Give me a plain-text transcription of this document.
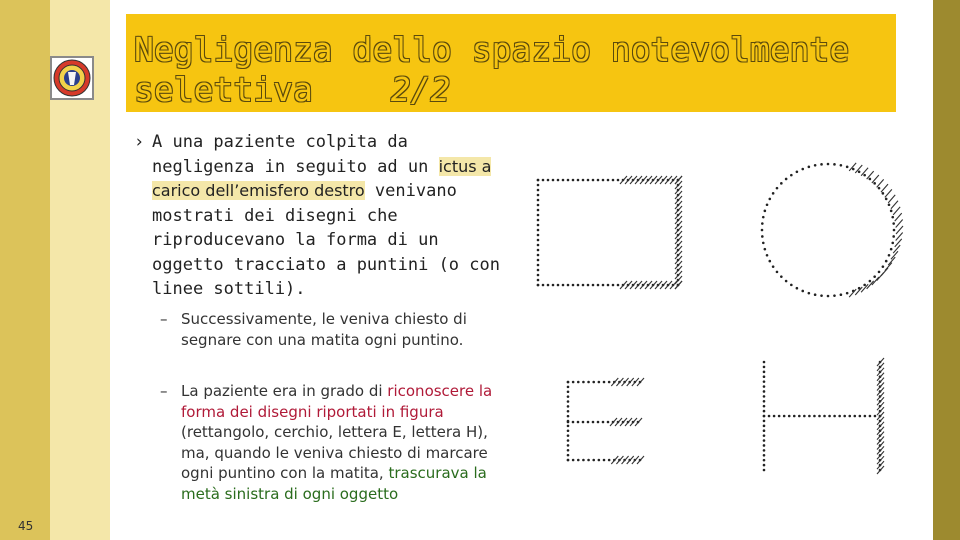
Negligenza dello spazio notevolmente
selettiva 2/2
› A una paziente colpita da negligenza in seguito ad un ictus a carico dell’emisfero destro venivano mostrati dei disegni che riproducevano la forma di un oggetto tracciato a puntini (o con linee sottili).
– Successivamente, le veniva chiesto di segnare con una matita ogni puntino.
– La paziente era in grado di riconoscere la forma dei disegni riportati in figura (rettangolo, cerchio, lettera E, lettera H), ma, quando le veniva chiesto di marcare ogni puntino con la matita, trascurava la metà sinistra di ogni oggetto
45
